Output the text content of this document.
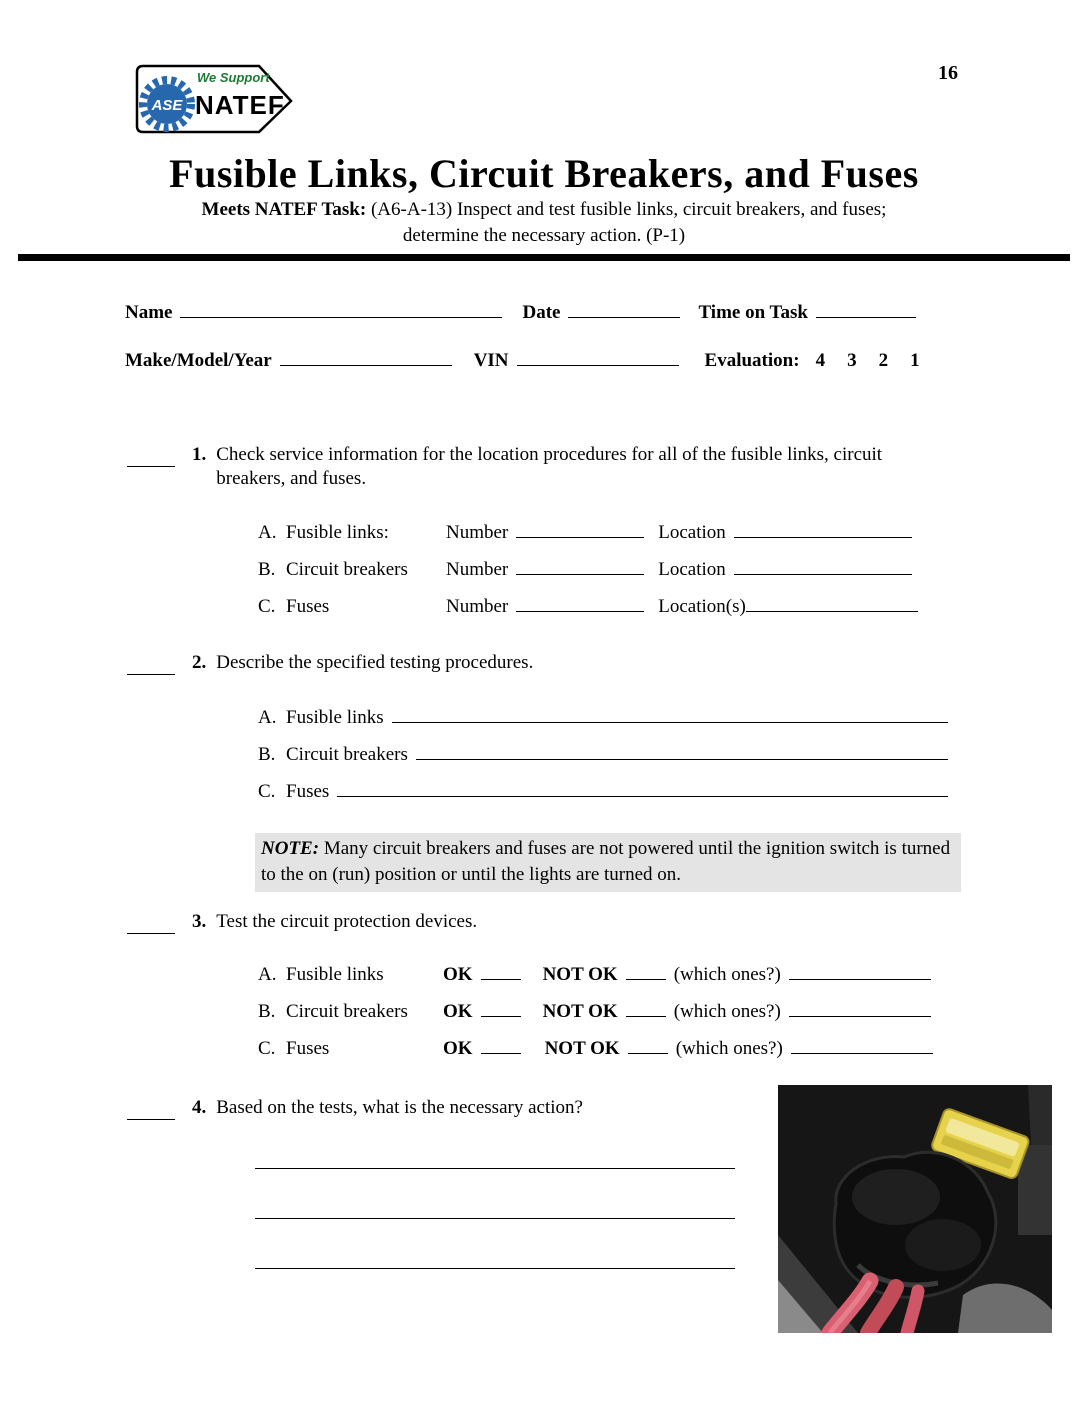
16
ASE
We Support
NATEF
Fusible Links, Circuit Breakers, and Fuses
Meets NATEF Task: (A6-A-13) Inspect and test fusible links, circuit breakers, and fuses;
determine the necessary action. (P-1)
Name	Date	Time on Task
Make/Model/Year	VIN	Evaluation: 4 3 2 1
1. Check service information for the location procedures for all of the fusible links, circuit breakers, and fuses.
A. Fusible links:	Number	Location
B. Circuit breakers	Number	Location
C. Fuses	Number	Location(s)
2. Describe the specified testing procedures.
A. Fusible links
B. Circuit breakers
C. Fuses
NOTE: Many circuit breakers and fuses are not powered until the ignition switch is turned to the on (run) position or until the lights are turned on.
3. Test the circuit protection devices.
A. Fusible links	OK	NOT OK	(which ones?)
B. Circuit breakers	OK	NOT OK	(which ones?)
C. Fuses	OK	NOT OK	(which ones?)
4. Based on the tests, what is the necessary action?
